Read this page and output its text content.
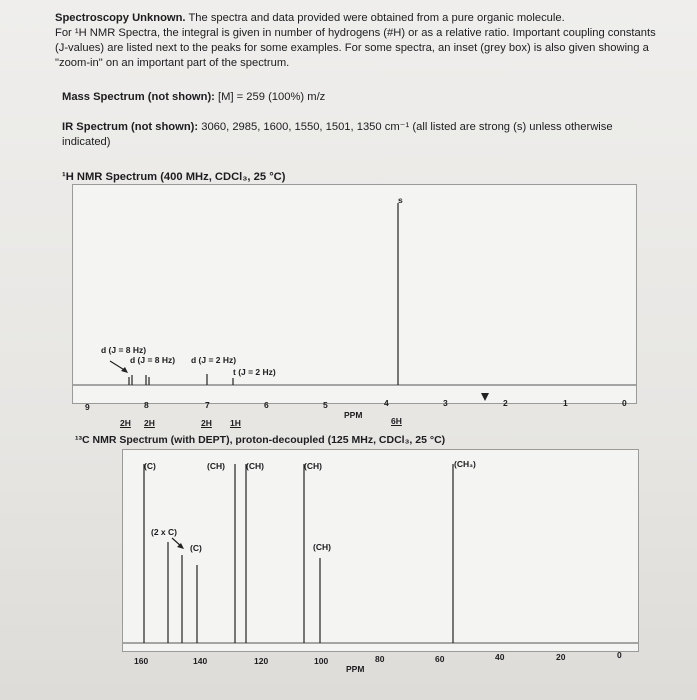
Spectroscopy Unknown. The spectra and data provided were obtained from a pure organic molecule.
For ¹H NMR Spectra, the integral is given in number of hydrogens (#H) or as a relative ratio. Important coupling constants
(J-values) are listed next to the peaks for some examples. For some spectra, an inset (grey box) is also given showing a
"zoom-in" on an important part of the spectrum.
Mass Spectrum (not shown): [M] = 259 (100%) m/z
IR Spectrum (not shown): 3060, 2985, 1600, 1550, 1501, 1350 cm⁻¹ (all listed are strong (s) unless otherwise
indicated)
¹H NMR Spectrum (400 MHz, CDCl₃, 25 °C)
s
d (J = 8 Hz)
d (J = 8 Hz) d (J = 2 Hz)
t (J = 2 Hz)
9	8	7	6	5	4	3	2	1	0
PPM
2H 2H	2H 1H	6H
¹³C NMR Spectrum (with DEPT), proton-decoupled (125 MHz, CDCl₃, 25 °C)
(C)	(CH) (CH)	(CH)	(CH₃)
(2 x C)
(C)	(CH)
160	140	120	100	80	60	40	20	0
PPM
